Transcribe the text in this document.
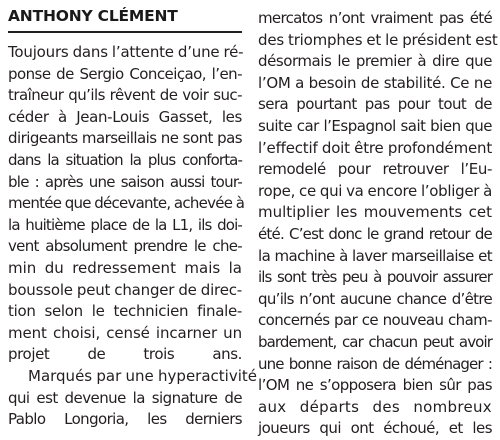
ANTHONY CLÉMENT
Toujours dans l’attente d’une ré-
ponse de Sergio Conceiçao, l’en-
traîneur qu’ils rêvent de voir suc-
céder à Jean-Louis Gasset, les
dirigeants marseillais ne sont pas
dans la situation la plus conforta-
ble : après une saison aussi tour-
mentée que décevante, achevée à
la huitième place de la L1, ils doi-
vent absolument prendre le che-
min du redressement mais la
boussole peut changer de direc-
tion selon le technicien finale-
ment choisi, censé incarner un
projet de trois ans.
Marqués par une hyperactivité
qui est devenue la signature de
Pablo Longoria, les derniers
mercatos n’ont vraiment pas été
des triomphes et le président est
désormais le premier à dire que
l’OM a besoin de stabilité. Ce ne
sera pourtant pas pour tout de
suite car l’Espagnol sait bien que
l’effectif doit être profondément
remodelé pour retrouver l’Eu-
rope, ce qui va encore l’obliger à
multiplier les mouvements cet
été. C’est donc le grand retour de
la machine à laver marseillaise et
ils sont très peu à pouvoir assurer
qu’ils n’ont aucune chance d’être
concernés par ce nouveau cham-
bardement, car chacun peut avoir
une bonne raison de déménager :
l’OM ne s’opposera bien sûr pas
aux départs des nombreux
joueurs qui ont échoué, et les
